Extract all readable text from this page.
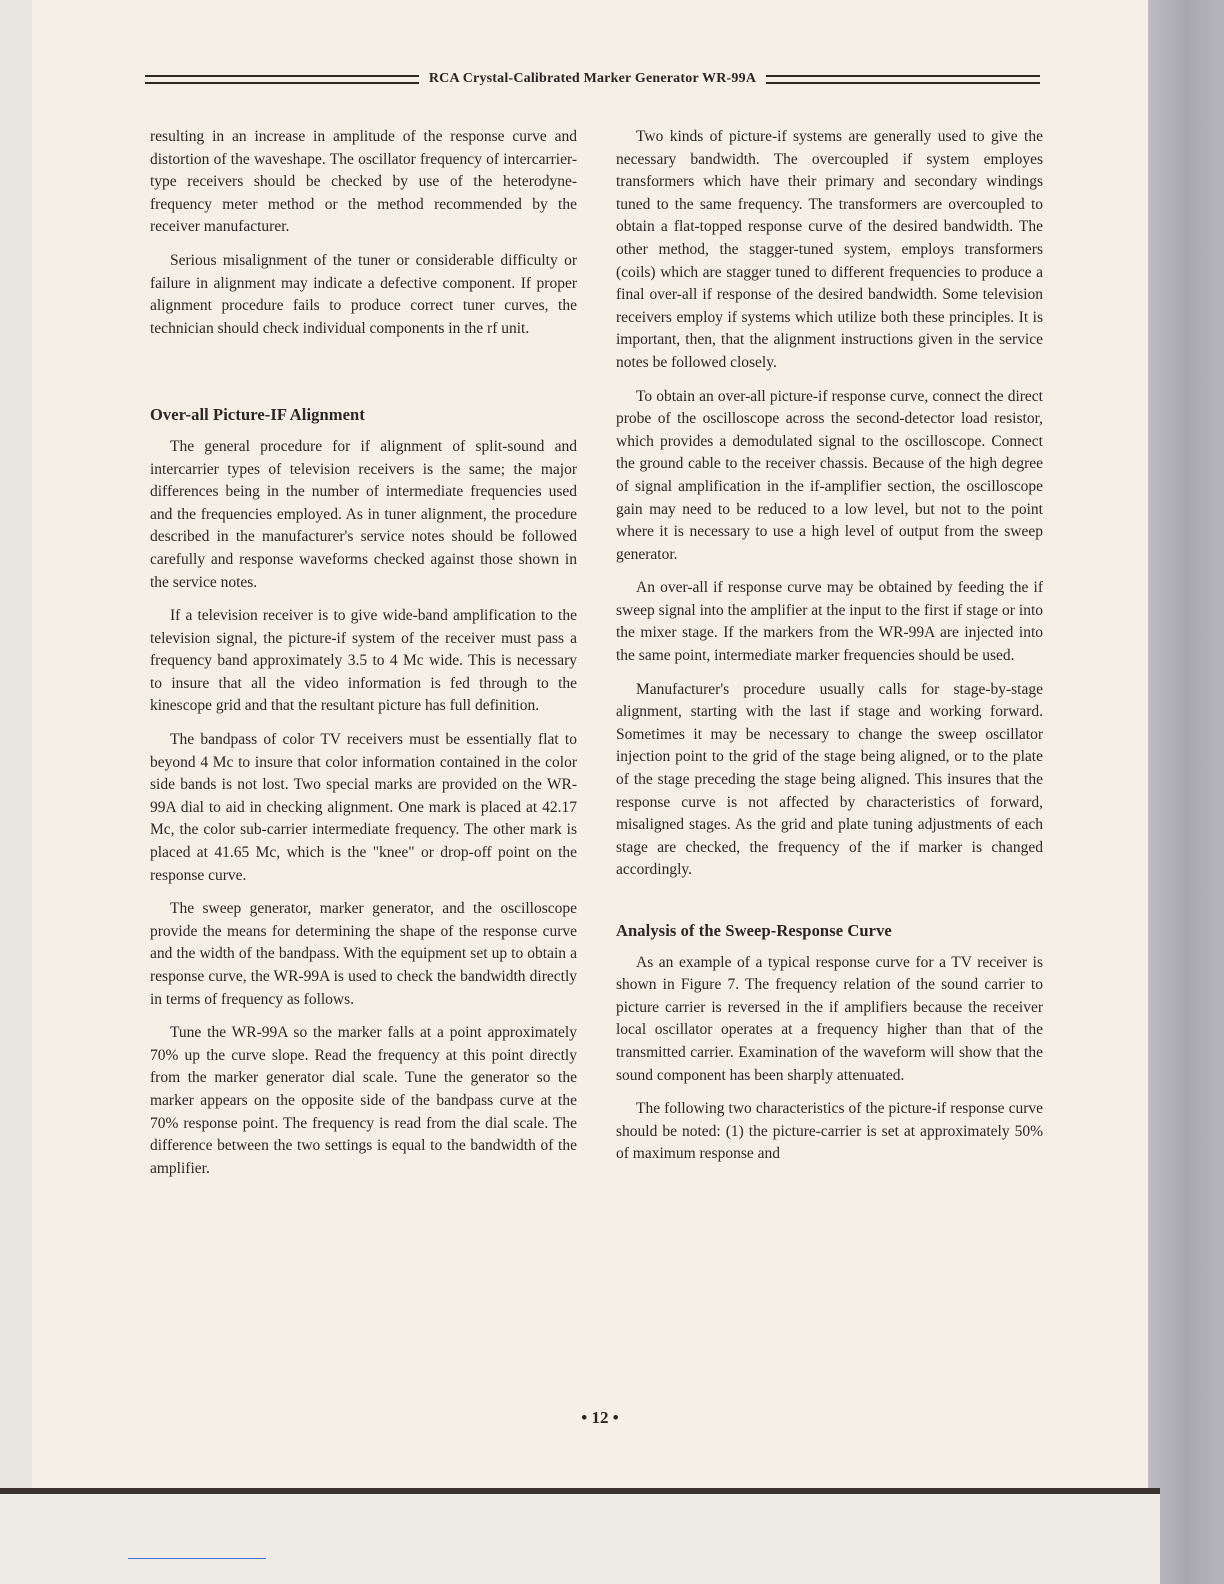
RCA Crystal-Calibrated Marker Generator WR-99A

resulting in an increase in amplitude of the response curve and distortion of the waveshape. The oscillator frequency of intercarrier-type receivers should be checked by use of the heterodyne-frequency meter method or the method recommended by the receiver manufacturer.

Serious misalignment of the tuner or considerable difficulty or failure in alignment may indicate a defective component. If proper alignment procedure fails to produce correct tuner curves, the technician should check individual components in the rf unit.

Over-all Picture-IF Alignment

The general procedure for if alignment of split-sound and intercarrier types of television receivers is the same; the major differences being in the number of intermediate frequencies used and the frequencies employed. As in tuner alignment, the procedure described in the manufacturer's service notes should be followed carefully and response waveforms checked against those shown in the service notes.

If a television receiver is to give wide-band amplification to the television signal, the picture-if system of the receiver must pass a frequency band approximately 3.5 to 4 Mc wide. This is necessary to insure that all the video information is fed through to the kinescope grid and that the resultant picture has full definition.

The bandpass of color TV receivers must be essentially flat to beyond 4 Mc to insure that color information contained in the color side bands is not lost. Two special marks are provided on the WR-99A dial to aid in checking alignment. One mark is placed at 42.17 Mc, the color sub-carrier intermediate frequency. The other mark is placed at 41.65 Mc, which is the "knee" or drop-off point on the response curve.

The sweep generator, marker generator, and the oscilloscope provide the means for determining the shape of the response curve and the width of the bandpass. With the equipment set up to obtain a response curve, the WR-99A is used to check the bandwidth directly in terms of frequency as follows.

Tune the WR-99A so the marker falls at a point approximately 70% up the curve slope. Read the frequency at this point directly from the marker generator dial scale. Tune the generator so the marker appears on the opposite side of the bandpass curve at the 70% response point. The frequency is read from the dial scale. The difference between the two settings is equal to the bandwidth of the amplifier.

Two kinds of picture-if systems are generally used to give the necessary bandwidth. The overcoupled if system employes transformers which have their primary and secondary windings tuned to the same frequency. The transformers are overcoupled to obtain a flat-topped response curve of the desired bandwidth. The other method, the stagger-tuned system, employs transformers (coils) which are stagger tuned to different frequencies to produce a final over-all if response of the desired bandwidth. Some television receivers employ if systems which utilize both these principles. It is important, then, that the alignment instructions given in the service notes be followed closely.

To obtain an over-all picture-if response curve, connect the direct probe of the oscilloscope across the second-detector load resistor, which provides a demodulated signal to the oscilloscope. Connect the ground cable to the receiver chassis. Because of the high degree of signal amplification in the if-amplifier section, the oscilloscope gain may need to be reduced to a low level, but not to the point where it is necessary to use a high level of output from the sweep generator.

An over-all if response curve may be obtained by feeding the if sweep signal into the amplifier at the input to the first if stage or into the mixer stage. If the markers from the WR-99A are injected into the same point, intermediate marker frequencies should be used.

Manufacturer's procedure usually calls for stage-by-stage alignment, starting with the last if stage and working forward. Sometimes it may be necessary to change the sweep oscillator injection point to the grid of the stage being aligned, or to the plate of the stage preceding the stage being aligned. This insures that the response curve is not affected by characteristics of forward, misaligned stages. As the grid and plate tuning adjustments of each stage are checked, the frequency of the if marker is changed accordingly.

Analysis of the Sweep-Response Curve

As an example of a typical response curve for a TV receiver is shown in Figure 7. The frequency relation of the sound carrier to picture carrier is reversed in the if amplifiers because the receiver local oscillator operates at a frequency higher than that of the transmitted carrier. Examination of the waveform will show that the sound component has been sharply attenuated.

The following two characteristics of the picture-if response curve should be noted: (1) the picture-carrier is set at approximately 50% of maximum response and

• 12 •
